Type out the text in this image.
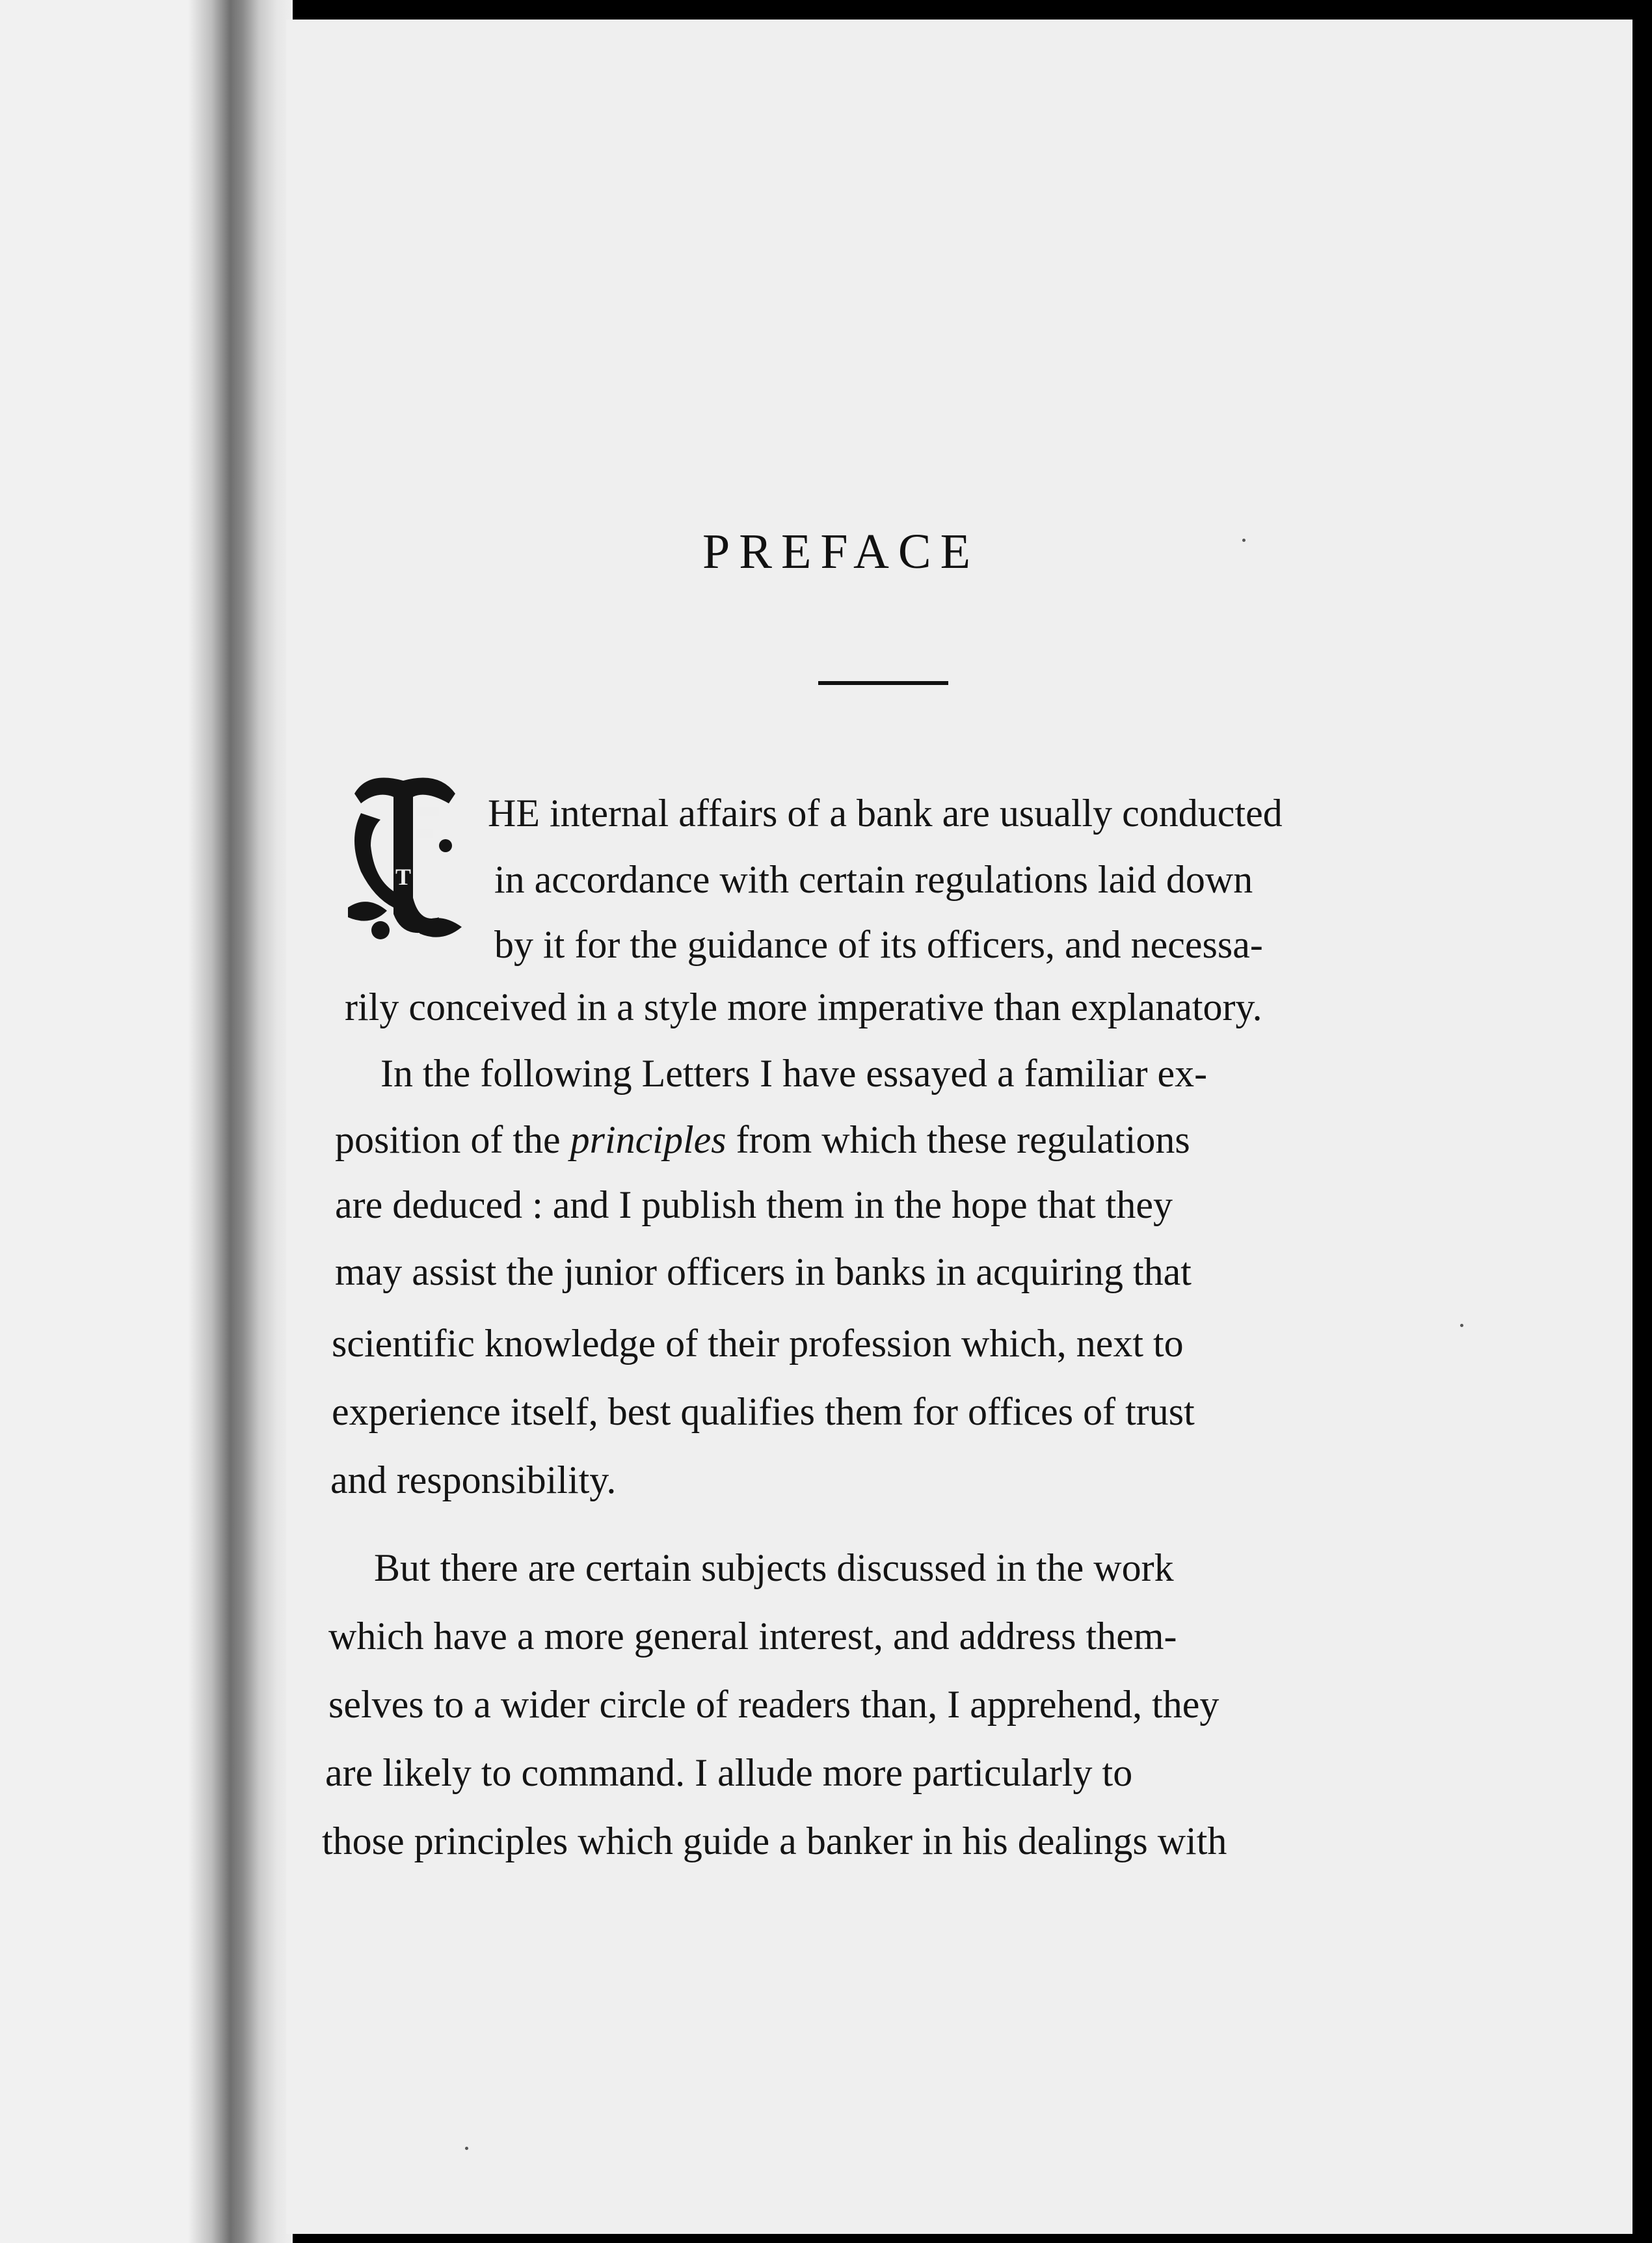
PREFACE
T
HE internal affairs of a bank are usually conducted
in accordance with certain regulations laid down
by it for the guidance of its officers, and necessa-
rily conceived in a style more imperative than explanatory.
In the following Letters I have essayed a familiar ex-
position of the principles from which these regulations
are deduced : and I publish them in the hope that they
may assist the junior officers in banks in acquiring that
scientific knowledge of their profession which, next to
experience itself, best qualifies them for offices of trust
and responsibility.
But there are certain subjects discussed in the work
which have a more general interest, and address them-
selves to a wider circle of readers than, I apprehend, they
are likely to command. I allude more particularly to
those principles which guide a banker in his dealings with
